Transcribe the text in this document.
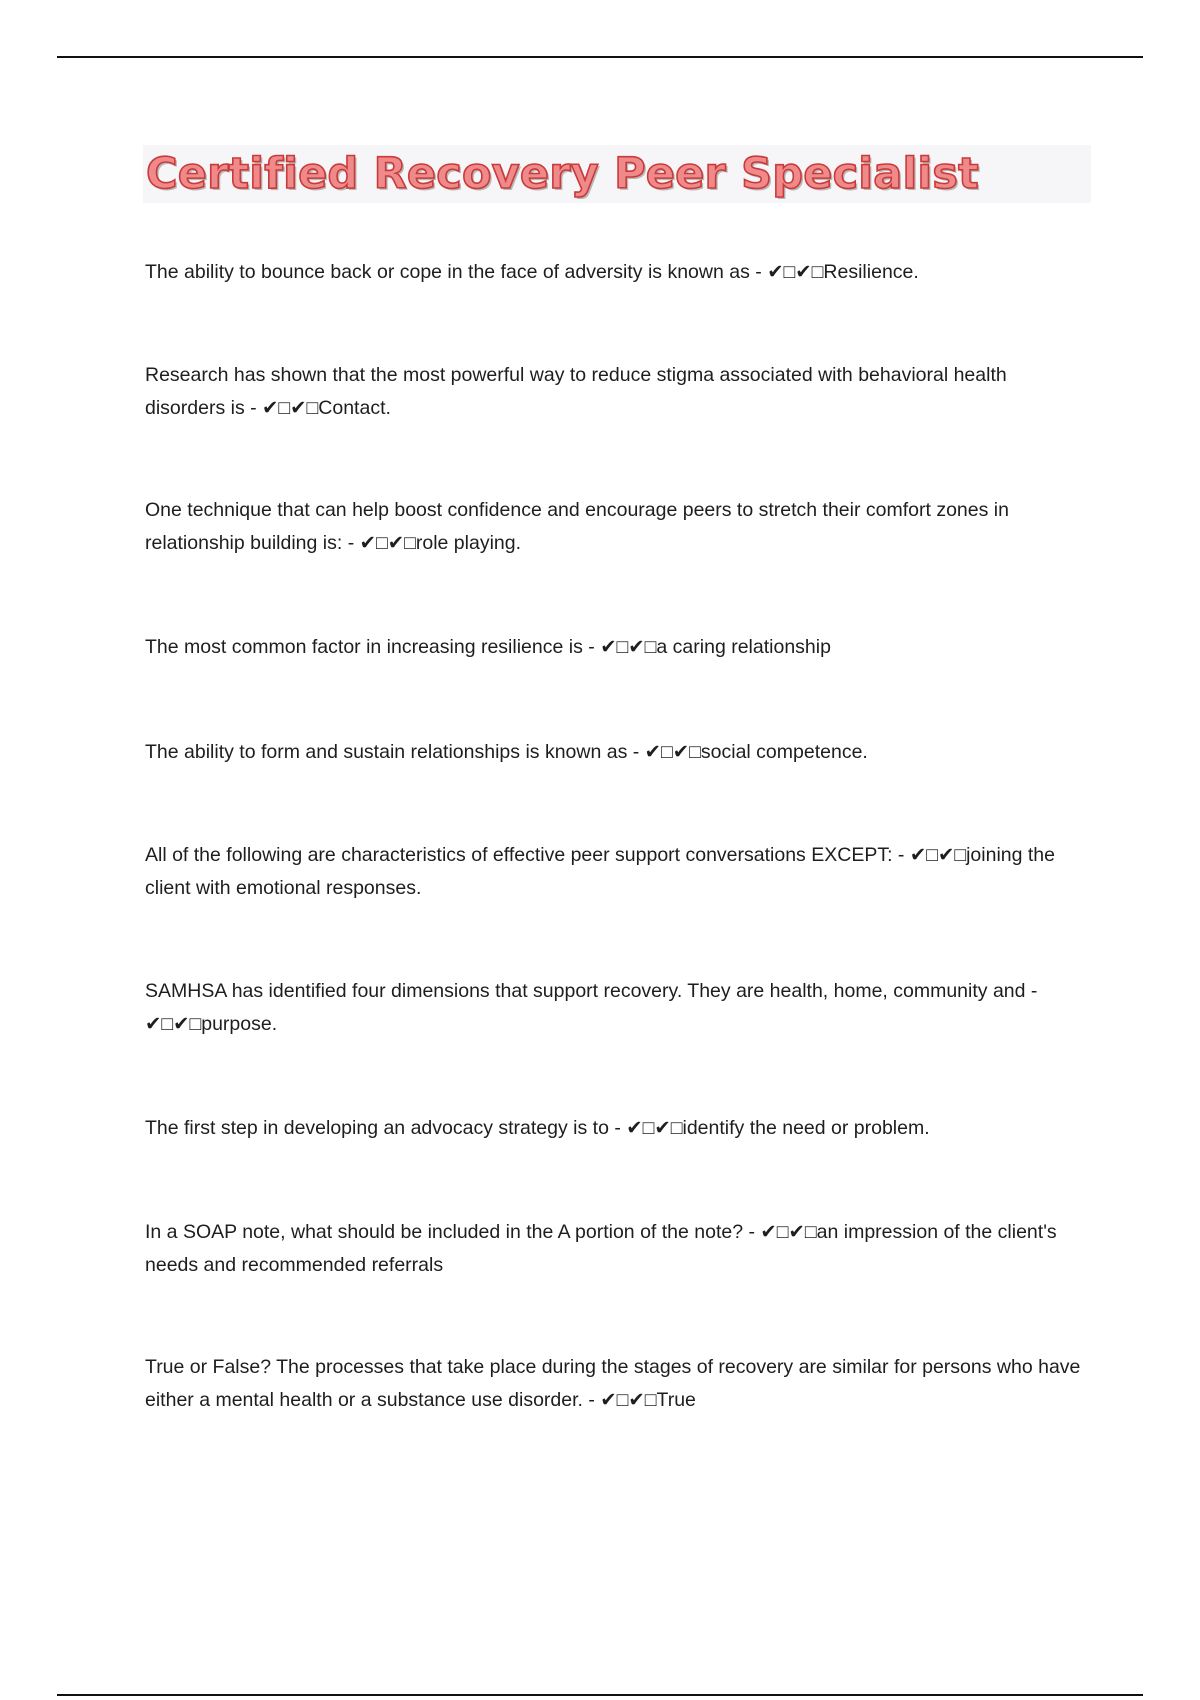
Certified Recovery Peer Specialist

The ability to bounce back or cope in the face of adversity is known as - ✔□✔□Resilience.

Research has shown that the most powerful way to reduce stigma associated with behavioral health disorders is - ✔□✔□Contact.

One technique that can help boost confidence and encourage peers to stretch their comfort zones in relationship building is: - ✔□✔□role playing.

The most common factor in increasing resilience is - ✔□✔□a caring relationship

The ability to form and sustain relationships is known as - ✔□✔□social competence.

All of the following are characteristics of effective peer support conversations EXCEPT: - ✔□✔□joining the client with emotional responses.

SAMHSA has identified four dimensions that support recovery. They are health, home, community and - ✔□✔□purpose.

The first step in developing an advocacy strategy is to - ✔□✔□identify the need or problem.

In a SOAP note, what should be included in the A portion of the note? - ✔□✔□an impression of the client's needs and recommended referrals

True or False? The processes that take place during the stages of recovery are similar for persons who have either a mental health or a substance use disorder. - ✔□✔□True
